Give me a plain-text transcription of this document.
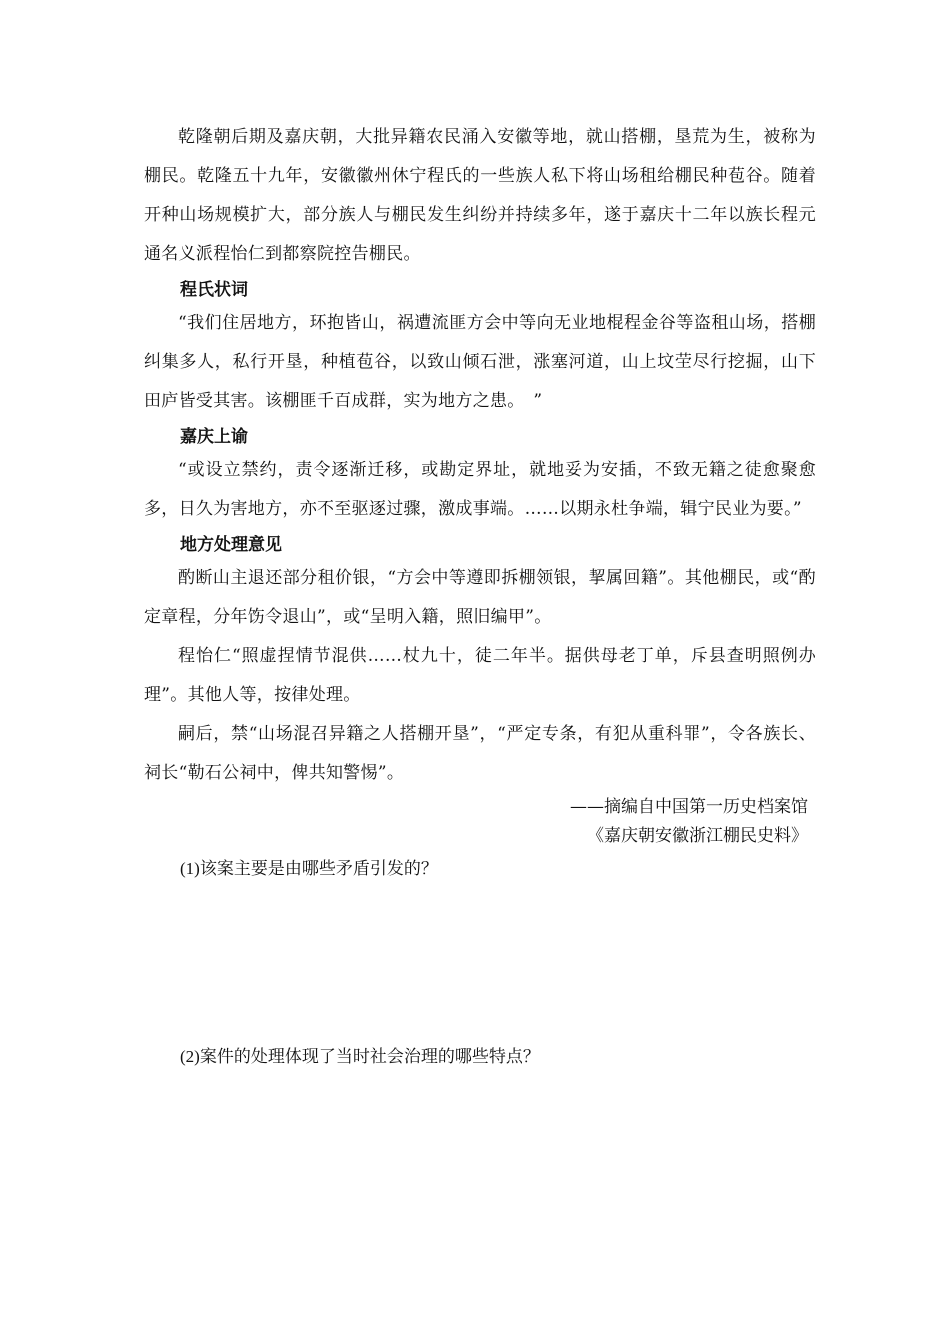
乾隆朝后期及嘉庆朝，大批异籍农民涌入安徽等地，就山搭棚，垦荒为生，被称为棚民。乾隆五十九年，安徽徽州休宁程氏的一些族人私下将山场租给棚民种苞谷。随着开种山场规模扩大，部分族人与棚民发生纠纷并持续多年，遂于嘉庆十二年以族长程元通名义派程怡仁到都察院控告棚民。

程氏状词

“我们住居地方，环抱皆山，祸遭流匪方会中等向无业地棍程金谷等盗租山场，搭棚纠集多人，私行开垦，种植苞谷，以致山倾石泄，涨塞河道，山上坟茔尽行挖掘，山下田庐皆受其害。该棚匪千百成群，实为地方之患。　”

嘉庆上谕

“或设立禁约，责令逐渐迁移，或勘定界址，就地妥为安插，不致无籍之徒愈聚愈多，日久为害地方，亦不至驱逐过骤，激成事端。……以期永杜争端，辑宁民业为要。”

地方处理意见

酌断山主退还部分租价银，“方会中等遵即拆棚领银，挈属回籍”。其他棚民，或“酌定章程，分年饬令退山”，或“呈明入籍，照旧编甲”。

程怡仁“照虚捏情节混供……杖九十，徒二年半。据供母老丁单，斥县查明照例办理”。其他人等，按律处理。

嗣后，禁“山场混召异籍之人搭棚开垦”，“严定专条，有犯从重科罪”，令各族长、祠长“勒石公祠中，俾共知警惕”。

——摘编自中国第一历史档案馆

《嘉庆朝安徽浙江棚民史料》

(1)该案主要是由哪些矛盾引发的？

(2)案件的处理体现了当时社会治理的哪些特点？
